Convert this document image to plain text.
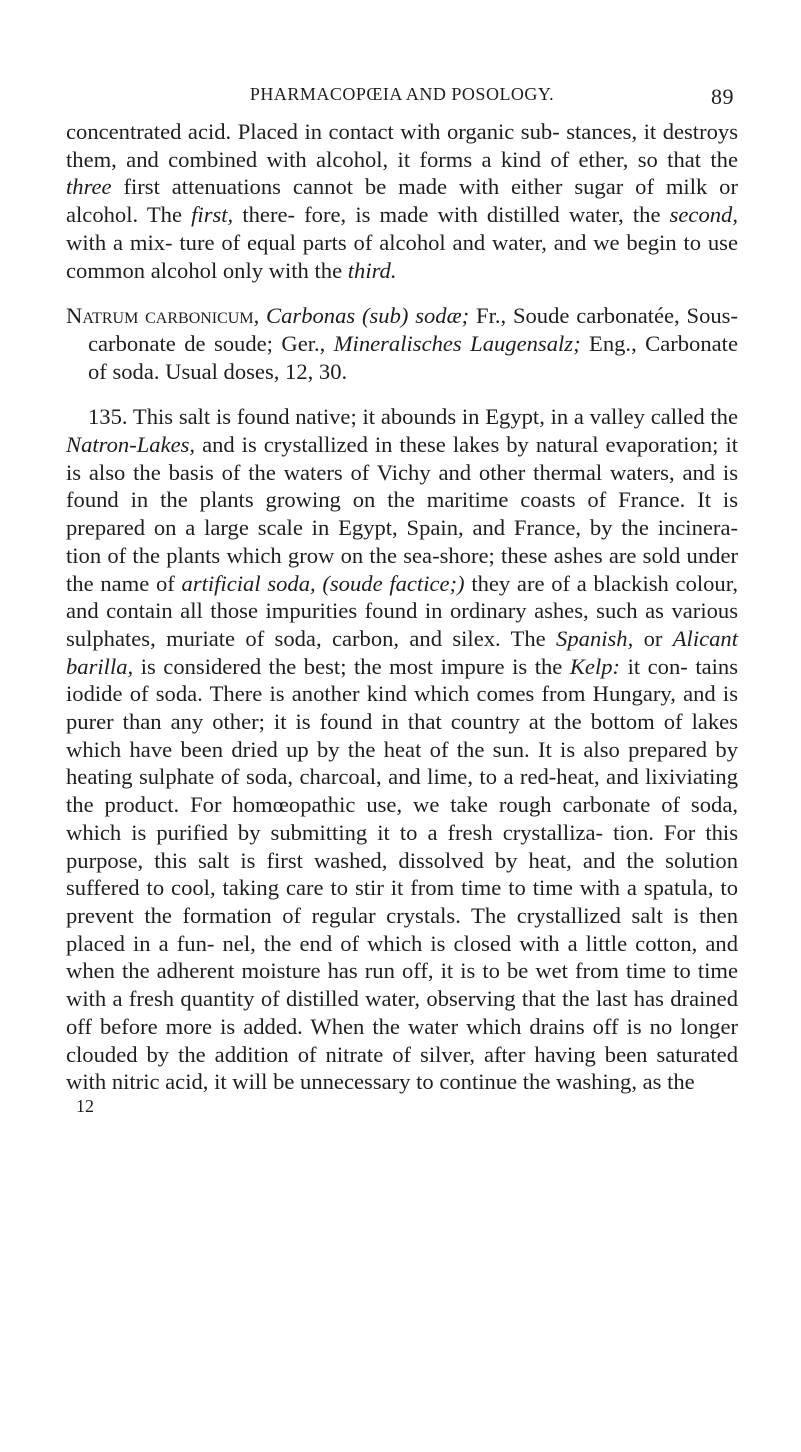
PHARMACOPŒIA AND POSOLOGY.	89

concentrated acid. Placed in contact with organic sub- stances, it destroys them, and combined with alcohol, it forms a kind of ether, so that the three first attenuations cannot be made with either sugar of milk or alcohol. The first, there- fore, is made with distilled water, the second, with a mix- ture of equal parts of alcohol and water, and we begin to use common alcohol only with the third.

Natrum carbonicum, Carbonas (sub) sodæ; Fr., Soude carbonatée, Sous-carbonate de soude; Ger., Mineralisches Laugensalz; Eng., Carbonate of soda. Usual doses, 12, 30.

135. This salt is found native; it abounds in Egypt, in a valley called the Natron-Lakes, and is crystallized in these lakes by natural evaporation; it is also the basis of the waters of Vichy and other thermal waters, and is found in the plants growing on the maritime coasts of France. It is prepared on a large scale in Egypt, Spain, and France, by the incinera- tion of the plants which grow on the sea-shore; these ashes are sold under the name of artificial soda, (soude factice;) they are of a blackish colour, and contain all those impurities found in ordinary ashes, such as various sulphates, muriate of soda, carbon, and silex. The Spanish, or Alicant barilla, is considered the best; the most impure is the Kelp: it con- tains iodide of soda. There is another kind which comes from Hungary, and is purer than any other; it is found in that country at the bottom of lakes which have been dried up by the heat of the sun. It is also prepared by heating sulphate of soda, charcoal, and lime, to a red-heat, and lixiviating the product. For homœopathic use, we take rough carbonate of soda, which is purified by submitting it to a fresh crystalliza- tion. For this purpose, this salt is first washed, dissolved by heat, and the solution suffered to cool, taking care to stir it from time to time with a spatula, to prevent the formation of regular crystals. The crystallized salt is then placed in a fun- nel, the end of which is closed with a little cotton, and when the adherent moisture has run off, it is to be wet from time to time with a fresh quantity of distilled water, observing that the last has drained off before more is added. When the water which drains off is no longer clouded by the addition of nitrate of silver, after having been saturated with nitric acid, it will be unnecessary to continue the washing, as the

12
